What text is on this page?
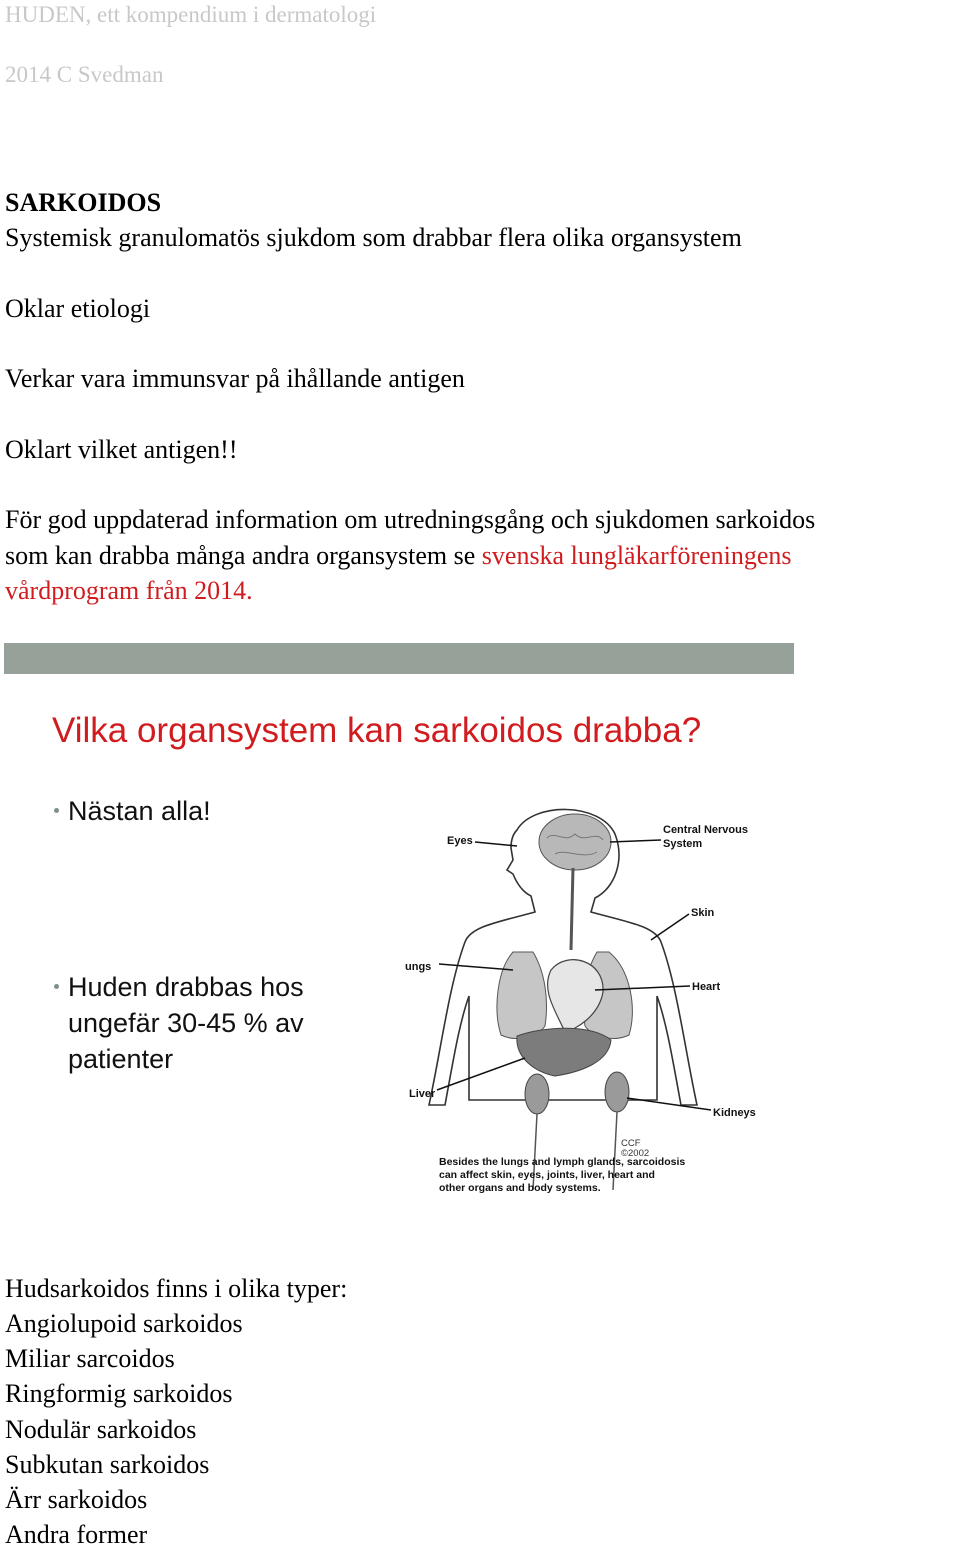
HUDEN, ett kompendium i dermatologi
2014 C Svedman
SARKOIDOS
Systemisk granulomatös sjukdom som drabbar flera olika organsystem
Oklar etiologi
Verkar vara immunsvar på ihållande antigen
Oklart vilket antigen!!
För god uppdaterad information om utredningsgång och sjukdomen sarkoidos
som kan drabba många andra organsystem se svenska lungläkarföreningens
vårdprogram från 2014.
Vilka organsystem kan sarkoidos drabba?
Nästan alla!
Huden drabbas hos
ungefär 30-45 % av
patienter
Eyes
Central Nervous
System
Skin
ungs
Heart
Liver
Kidneys
CCF
©2002
Besides the lungs and lymph glands, sarcoidosis
can affect skin, eyes, joints, liver, heart and
other organs and body systems.
Hudsarkoidos finns i olika typer:
Angiolupoid sarkoidos
Miliar sarcoidos
Ringformig sarkoidos
Nodulär sarkoidos
Subkutan sarkoidos
Ärr sarkoidos
Andra former
